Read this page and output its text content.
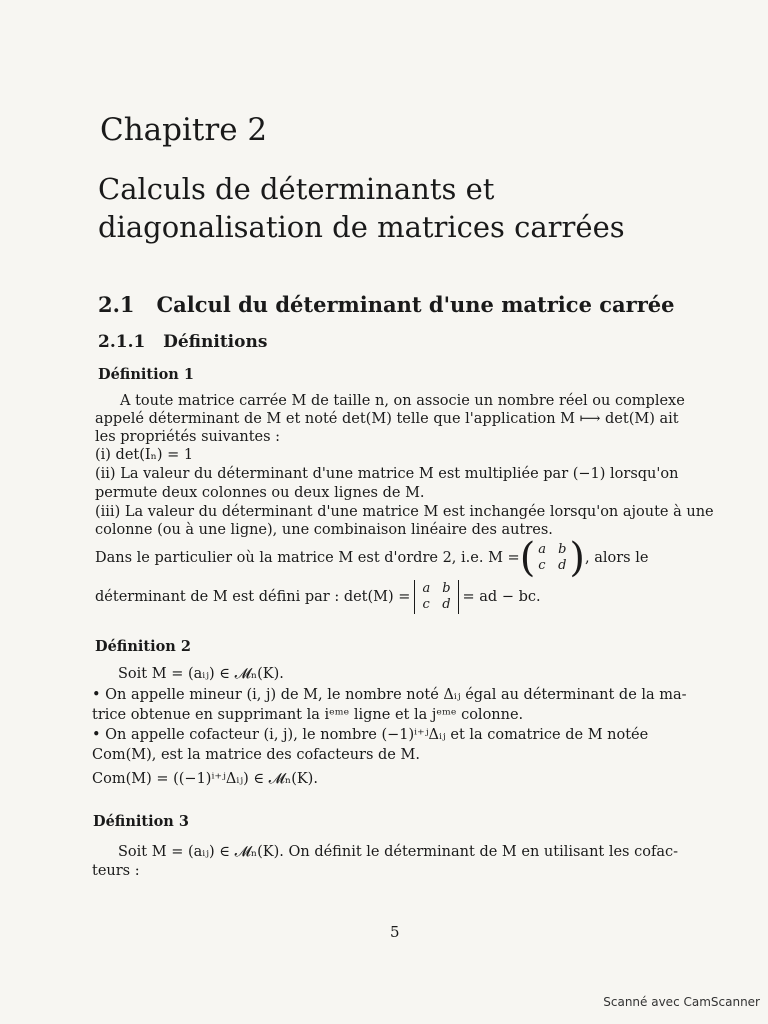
Chapitre 2
Calculs de déterminants et
diagonalisation de matrices carrées
2.1   Calcul du déterminant d'une matrice carrée
2.1.1   Définitions
Définition 1
A toute matrice carrée M de taille n, on associe un nombre réel ou complexe
appelé déterminant de M et noté det(M) telle que l'application M ⟼ det(M) ait
les propriétés suivantes :
(i) det(Iₙ) = 1
(ii) La valeur du déterminant d'une matrice M est multipliée par (−1) lorsqu'on
permute deux colonnes ou deux lignes de M.
(iii) La valeur du déterminant d'une matrice M est inchangée lorsqu'on ajoute à une
colonne (ou à une ligne), une combinaison linéaire des autres.
Dans le particulier où la matrice M est d'ordre 2, i.e. M = ( a b
c d ) , alors le
déterminant de M est défini par : det(M) =
a b
c d = ad − bc.
Définition 2
Soit M = (aᵢⱼ) ∈ 𝓜ₙ(K).
• On appelle mineur (i, j) de M, le nombre noté Δᵢⱼ égal au déterminant de la ma-
trice obtenue en supprimant la iᵉᵐᵉ ligne et la jᵉᵐᵉ colonne.
• On appelle cofacteur (i, j), le nombre (−1)ⁱ⁺ʲΔᵢⱼ et la comatrice de M notée
Com(M), est la matrice des cofacteurs de M.
Com(M) = ((−1)ⁱ⁺ʲΔᵢⱼ) ∈ 𝓜ₙ(K).
Définition 3
Soit M = (aᵢⱼ) ∈ 𝓜ₙ(K). On définit le déterminant de M en utilisant les cofac-
teurs :
5
Scanné avec CamScanner
